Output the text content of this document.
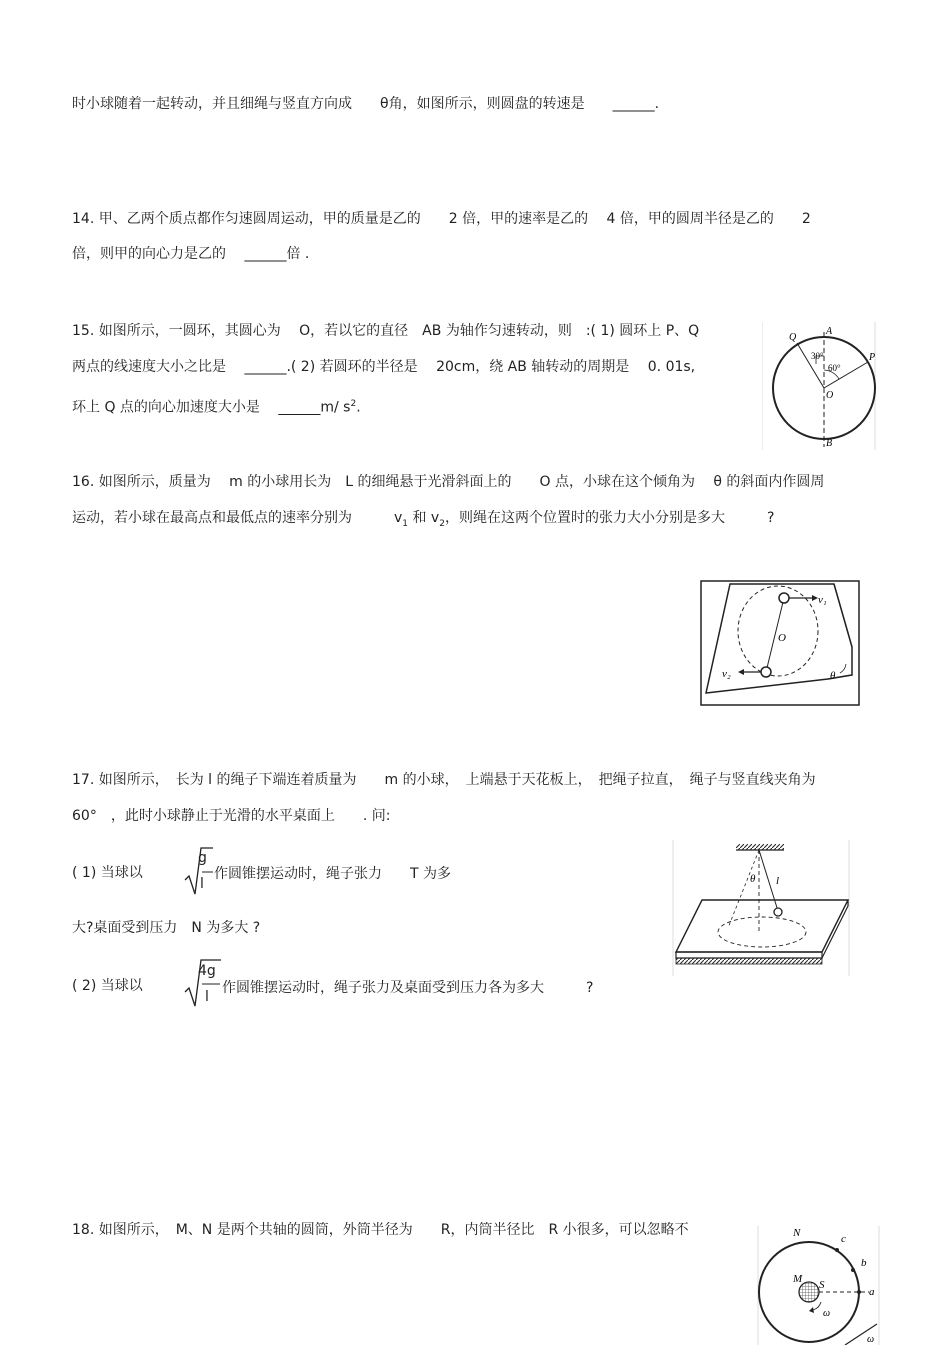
时小球随着一起转动，并且细绳与竖直方向成　　θ角，如图所示，则圆盘的转速是　　______.
14. 甲、乙两个质点都作匀速圆周运动，甲的质量是乙的　　2 倍，甲的速率是乙的　 4 倍，甲的圆周半径是乙的　　2
倍，则甲的向心力是乙的　 ______倍 .
15. 如图所示，一圆环，其圆心为　 O，若以它的直径　AB 为轴作匀速转动，则　:( 1) 圆环上 P、Q
两点的线速度大小之比是　 ______.( 2) 若圆环的半径是　 20cm，绕 AB 轴转动的周期是　 0. 01s,
环上 Q 点的向心加速度大小是　 ______m/ $s^2$.
Q
A
P
O
B
30°
60°
16. 如图所示，质量为　 m 的小球用长为　L 的细绳悬于光滑斜面上的　　O 点，小球在这个倾角为　 θ 的斜面内作圆周
运动，若小球在最高点和最低点的速率分别为　　　$v_1$ 和 $v_2$，则绳在这两个位置时的张力大小分别是多大　　　?
v₁
v₂
O
θ
17. 如图所示，　长为 l 的绳子下端连着质量为　　m 的小球，　上端悬于天花板上，　把绳子拉直，　绳子与竖直线夹角为
60°　，此时小球静止于光滑的水平桌面上　　. 问:
( 1) 当球以
g
l
作圆锥摆运动时，绳子张力　　T 为多
大?桌面受到压力　N 为多大 ?
( 2) 当球以
4g
l
作圆锥摆运动时，绳子张力及桌面受到压力各为多大　　　?
θ l
18. 如图所示，　M、N 是两个共轴的圆筒，外筒半径为　　R，内筒半径比　R 小很多，可以忽略不	N	c
b
a
M S
ω
ω
